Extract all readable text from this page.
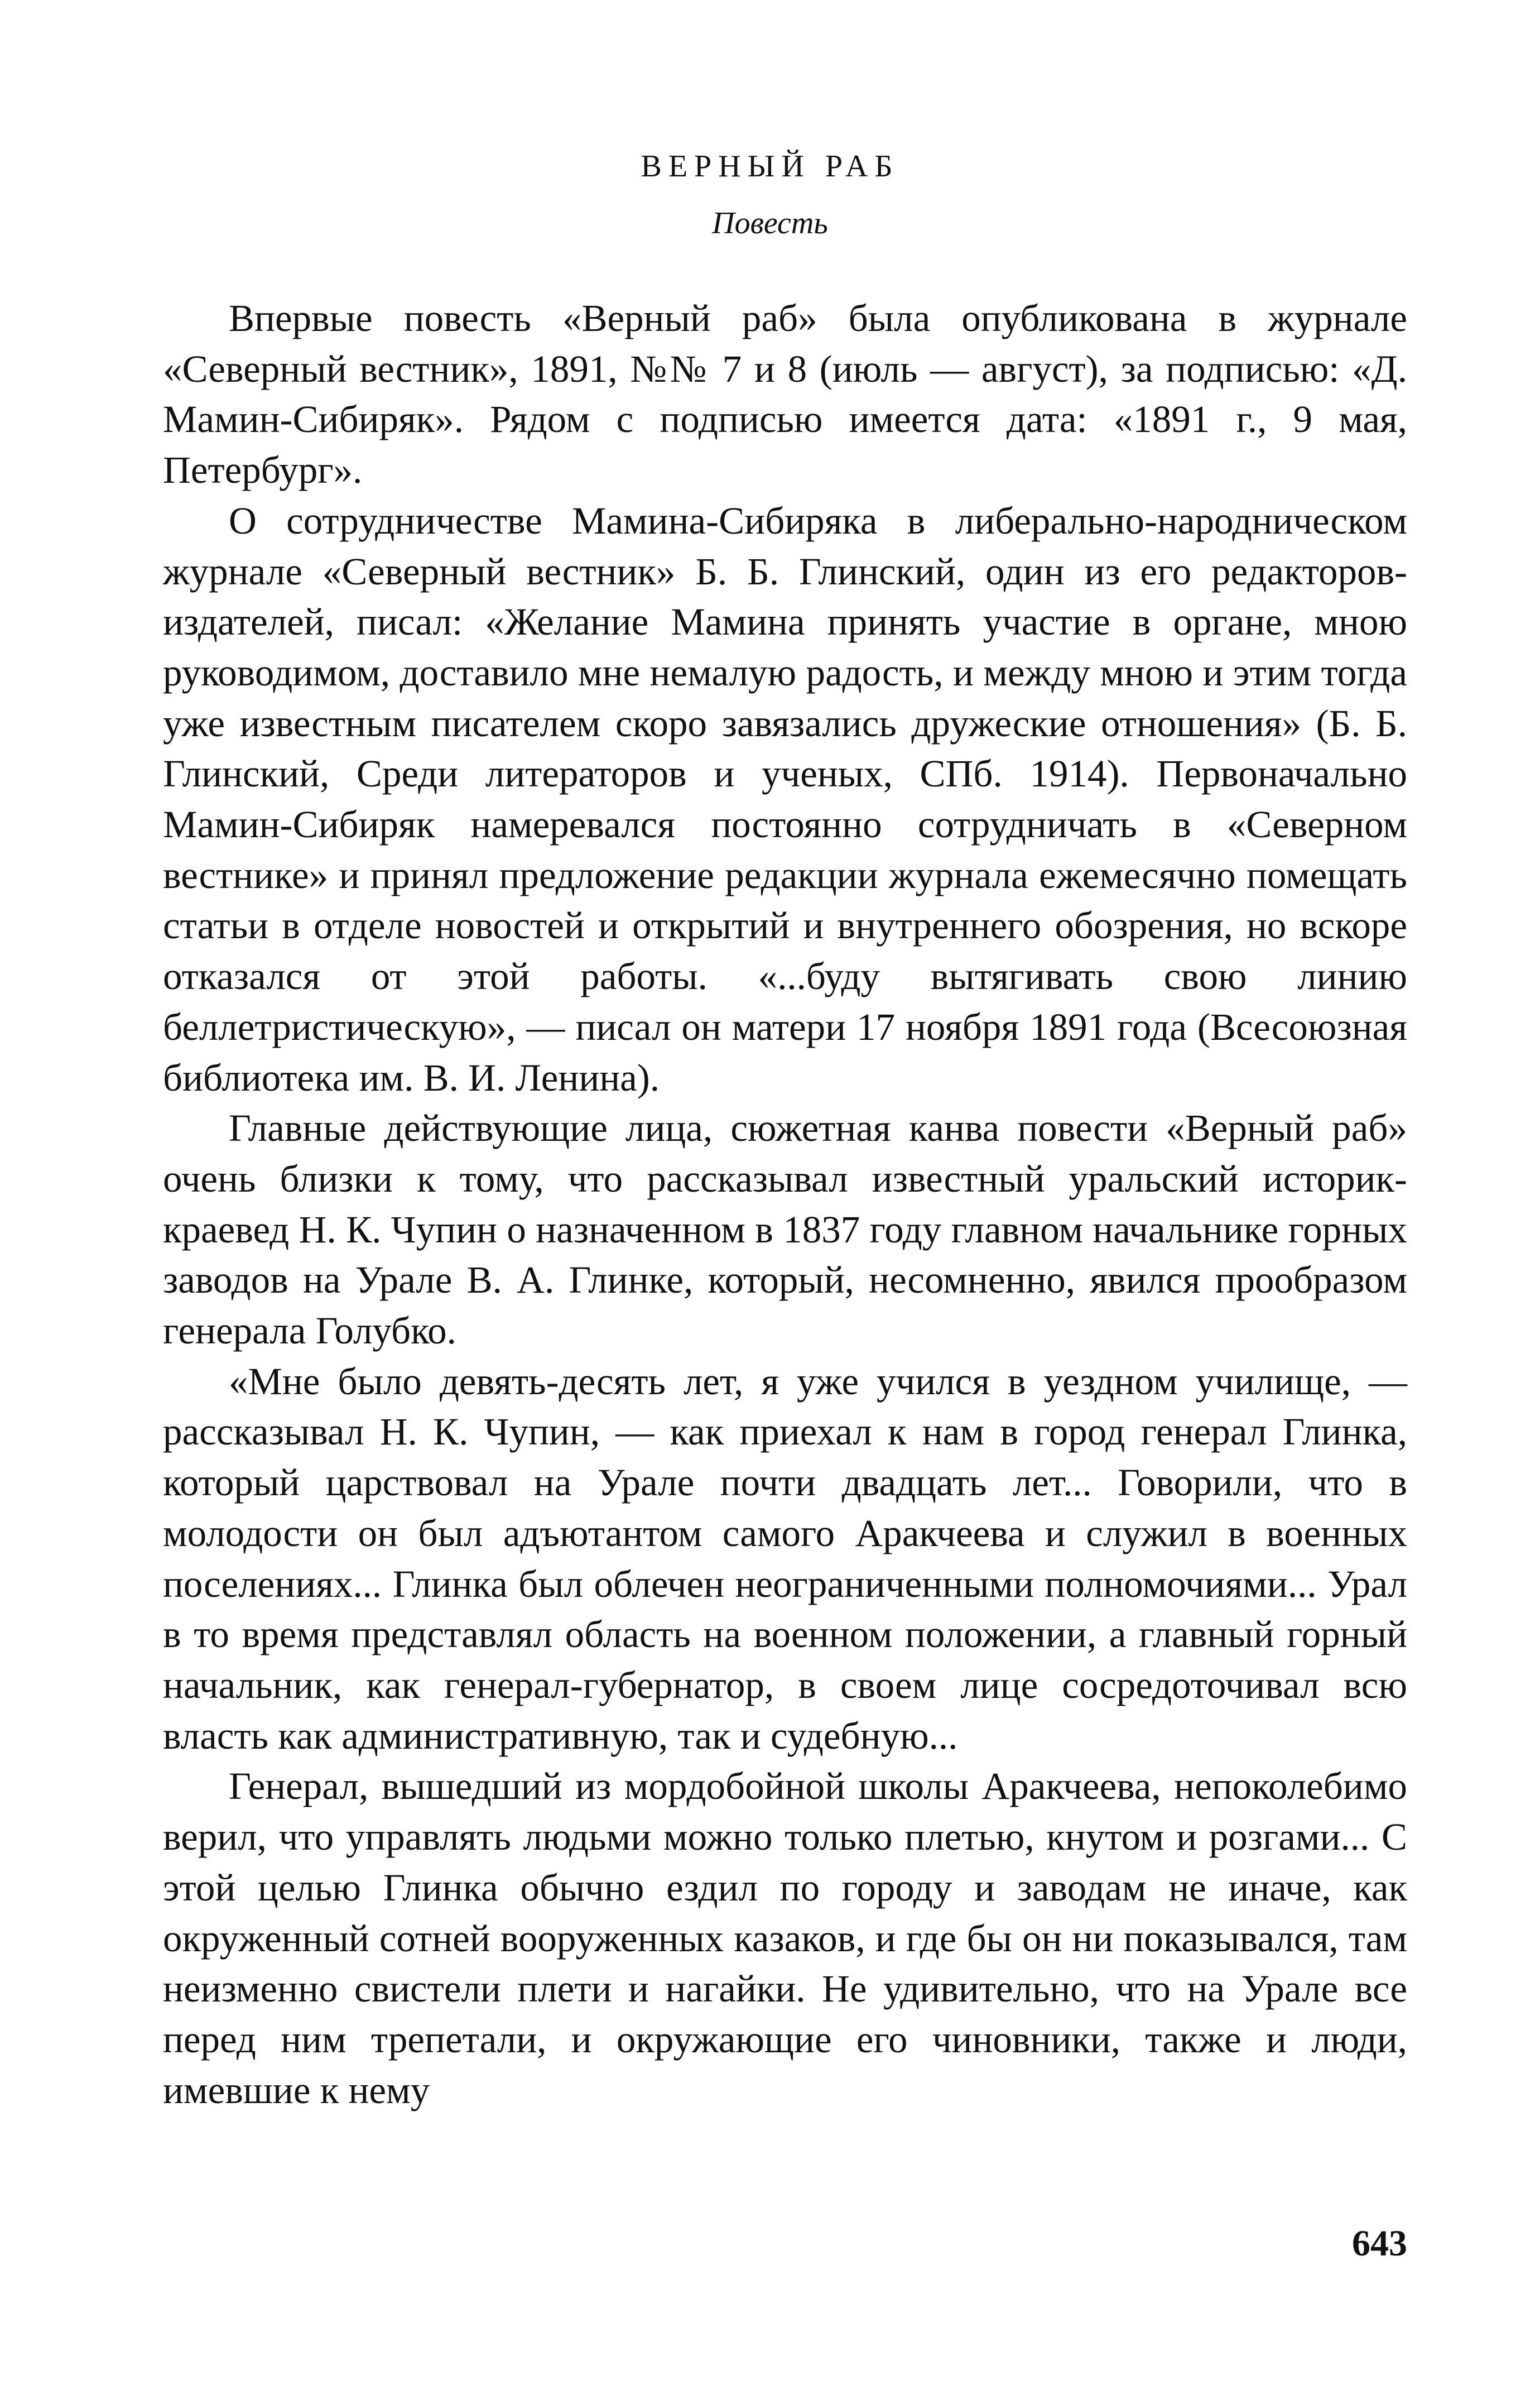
ВЕРНЫЙ РАБ
Повесть

Впервые повесть «Верный раб» была опубликована в журнале «Северный вестник», 1891, №№ 7 и 8 (июль — август), за подписью: «Д. Мамин-Сибиряк». Рядом с подписью имеется дата: «1891 г., 9 мая, Петербург».

О сотрудничестве Мамина-Сибиряка в либерально-народническом журнале «Северный вестник» Б. Б. Глинский, один из его редакторов-издателей, писал: «Желание Мамина принять участие в органе, мною руководимом, доставило мне немалую радость, и между мною и этим тогда уже известным писателем скоро завязались дружеские отношения» (Б. Б. Глинский, Среди литераторов и ученых, СПб. 1914). Первоначально Мамин-Сибиряк намеревался постоянно сотрудничать в «Северном вестнике» и принял предложение редакции журнала ежемесячно помещать статьи в отделе новостей и открытий и внутреннего обозрения, но вскоре отказался от этой работы. «...буду вытягивать свою линию беллетристическую», — писал он матери 17 ноября 1891 года (Всесоюзная библиотека им. В. И. Ленина).

Главные действующие лица, сюжетная канва повести «Верный раб» очень близки к тому, что рассказывал известный уральский историк-краевед Н. К. Чупин о назначенном в 1837 году главном начальнике горных заводов на Урале В. А. Глинке, который, несомненно, явился прообразом генерала Голубко.

«Мне было девять-десять лет, я уже учился в уездном училище, — рассказывал Н. К. Чупин, — как приехал к нам в город генерал Глинка, который царствовал на Урале почти двадцать лет... Говорили, что в молодости он был адъютантом самого Аракчеева и служил в военных поселениях... Глинка был облечен неограниченными полномочиями... Урал в то время представлял область на военном положении, а главный горный начальник, как генерал-губернатор, в своем лице сосредоточивал всю власть как административную, так и судебную...

Генерал, вышедший из мордобойной школы Аракчеева, непоколебимо верил, что управлять людьми можно только плетью, кнутом и розгами... С этой целью Глинка обычно ездил по городу и заводам не иначе, как окруженный сотней вооруженных казаков, и где бы он ни показывался, там неизменно свистели плети и нагайки. Не удивительно, что на Урале все перед ним трепетали, и окружающие его чиновники, также и люди, имевшие к нему

643
